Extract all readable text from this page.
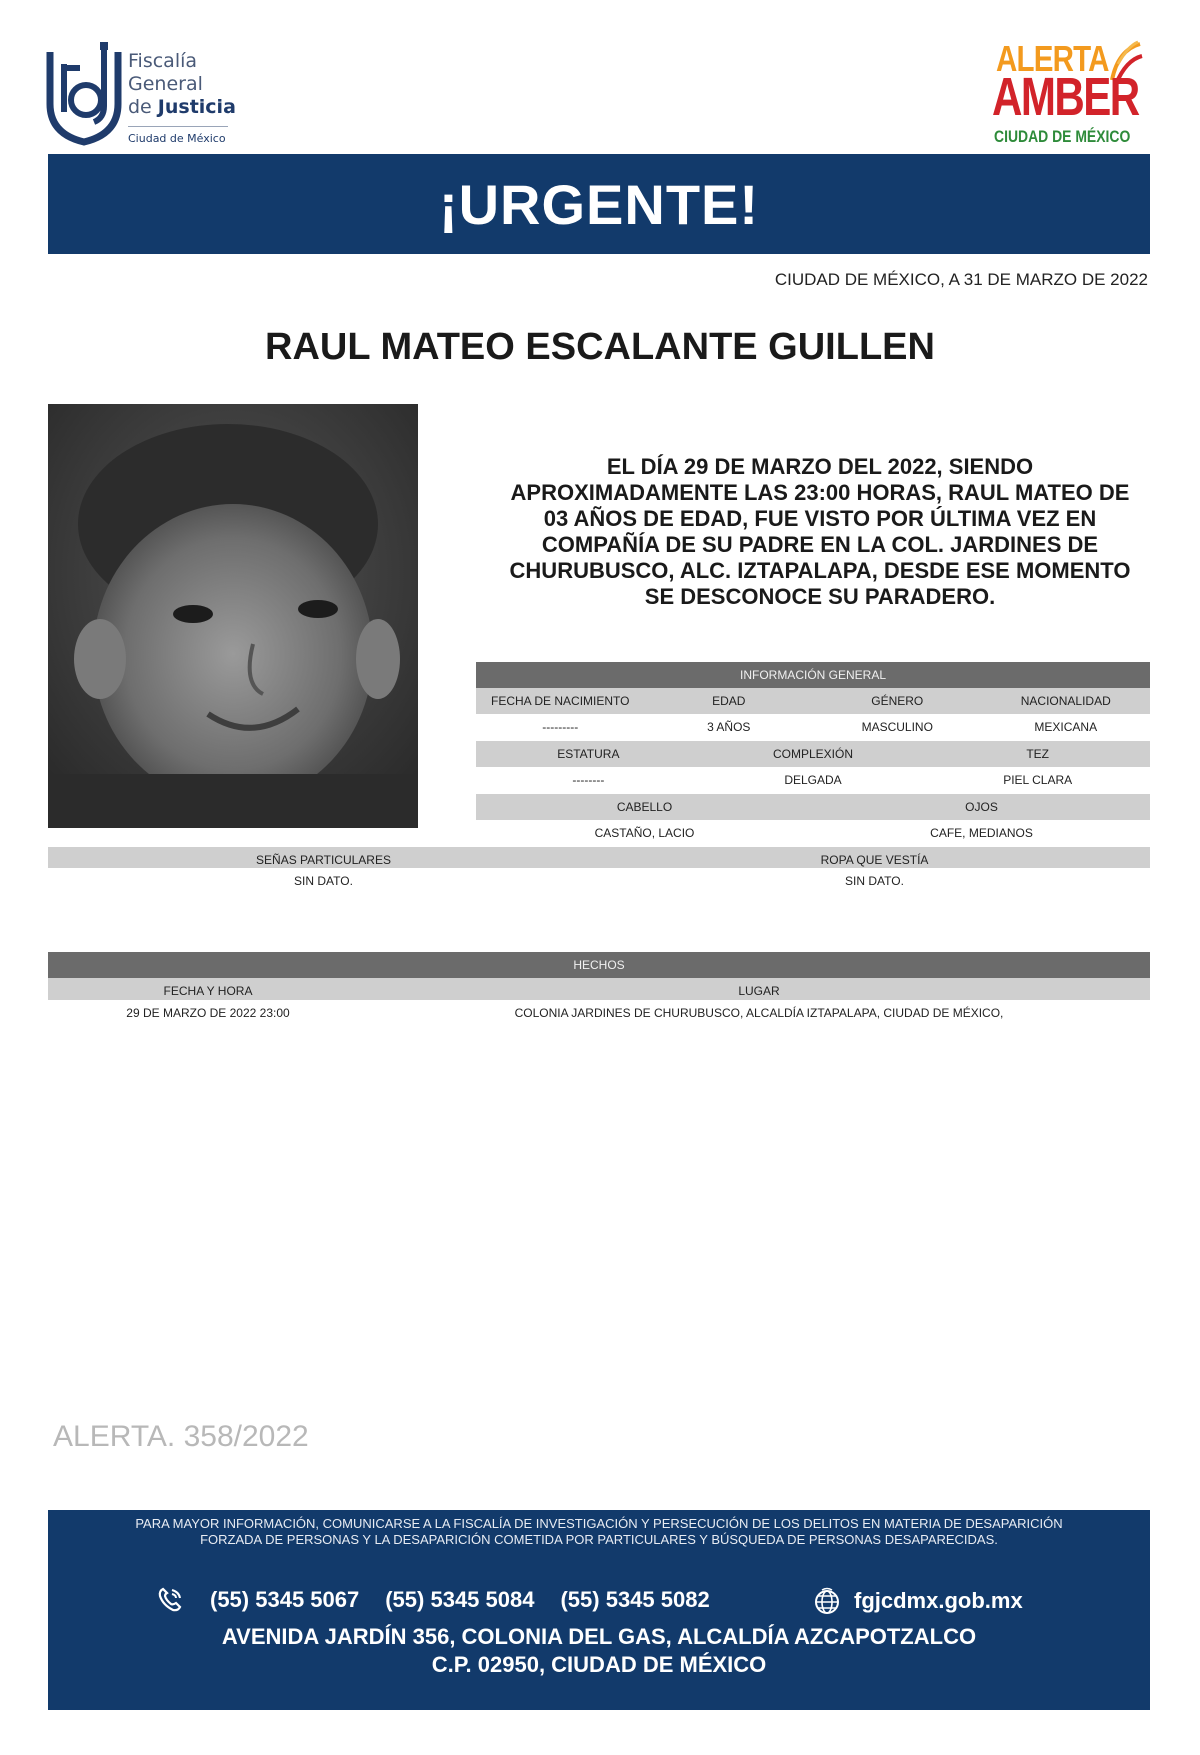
Fiscalía
General
de Justicia
Ciudad de México
ALERTA
AMBER
CIUDAD DE MÉXICO
¡URGENTE!
CIUDAD DE MÉXICO, A 31 DE MARZO DE 2022
RAUL MATEO ESCALANTE GUILLEN
EL DÍA 29 DE MARZO DEL 2022, SIENDO
APROXIMADAMENTE LAS 23:00 HORAS, RAUL MATEO DE
03 AÑOS DE EDAD, FUE VISTO POR ÚLTIMA VEZ EN
COMPAÑÍA DE SU PADRE EN LA COL. JARDINES DE
CHURUBUSCO, ALC. IZTAPALAPA, DESDE ESE MOMENTO
SE DESCONOCE SU PARADERO.
INFORMACIÓN GENERAL
FECHA DE NACIMIENTO	EDAD	GÉNERO	NACIONALIDAD
---------	3 AÑOS	MASCULINO	MEXICANA
ESTATURA	COMPLEXIÓN	TEZ
--------	DELGADA	PIEL CLARA
CABELLO	OJOS
CASTAÑO, LACIO	CAFE, MEDIANOS
SEÑAS PARTICULARES	ROPA QUE VESTÍA
SIN DATO.	SIN DATO.
HECHOS
FECHA Y HORA	LUGAR
29 DE MARZO DE 2022 23:00	COLONIA JARDINES DE CHURUBUSCO, ALCALDÍA IZTAPALAPA, CIUDAD DE MÉXICO,
ALERTA. 358/2022
PARA MAYOR INFORMACIÓN, COMUNICARSE A LA FISCALÍA DE INVESTIGACIÓN Y PERSECUCIÓN DE LOS DELITOS EN MATERIA DE DESAPARICIÓN
FORZADA DE PERSONAS Y LA DESAPARICIÓN COMETIDA POR PARTICULARES Y BÚSQUEDA DE PERSONAS DESAPARECIDAS.
(55) 5345 5067 (55) 5345 5084 (55) 5345 5082	fgjcdmx.gob.mx
AVENIDA JARDÍN 356, COLONIA DEL GAS, ALCALDÍA AZCAPOTZALCO
C.P. 02950, CIUDAD DE MÉXICO
